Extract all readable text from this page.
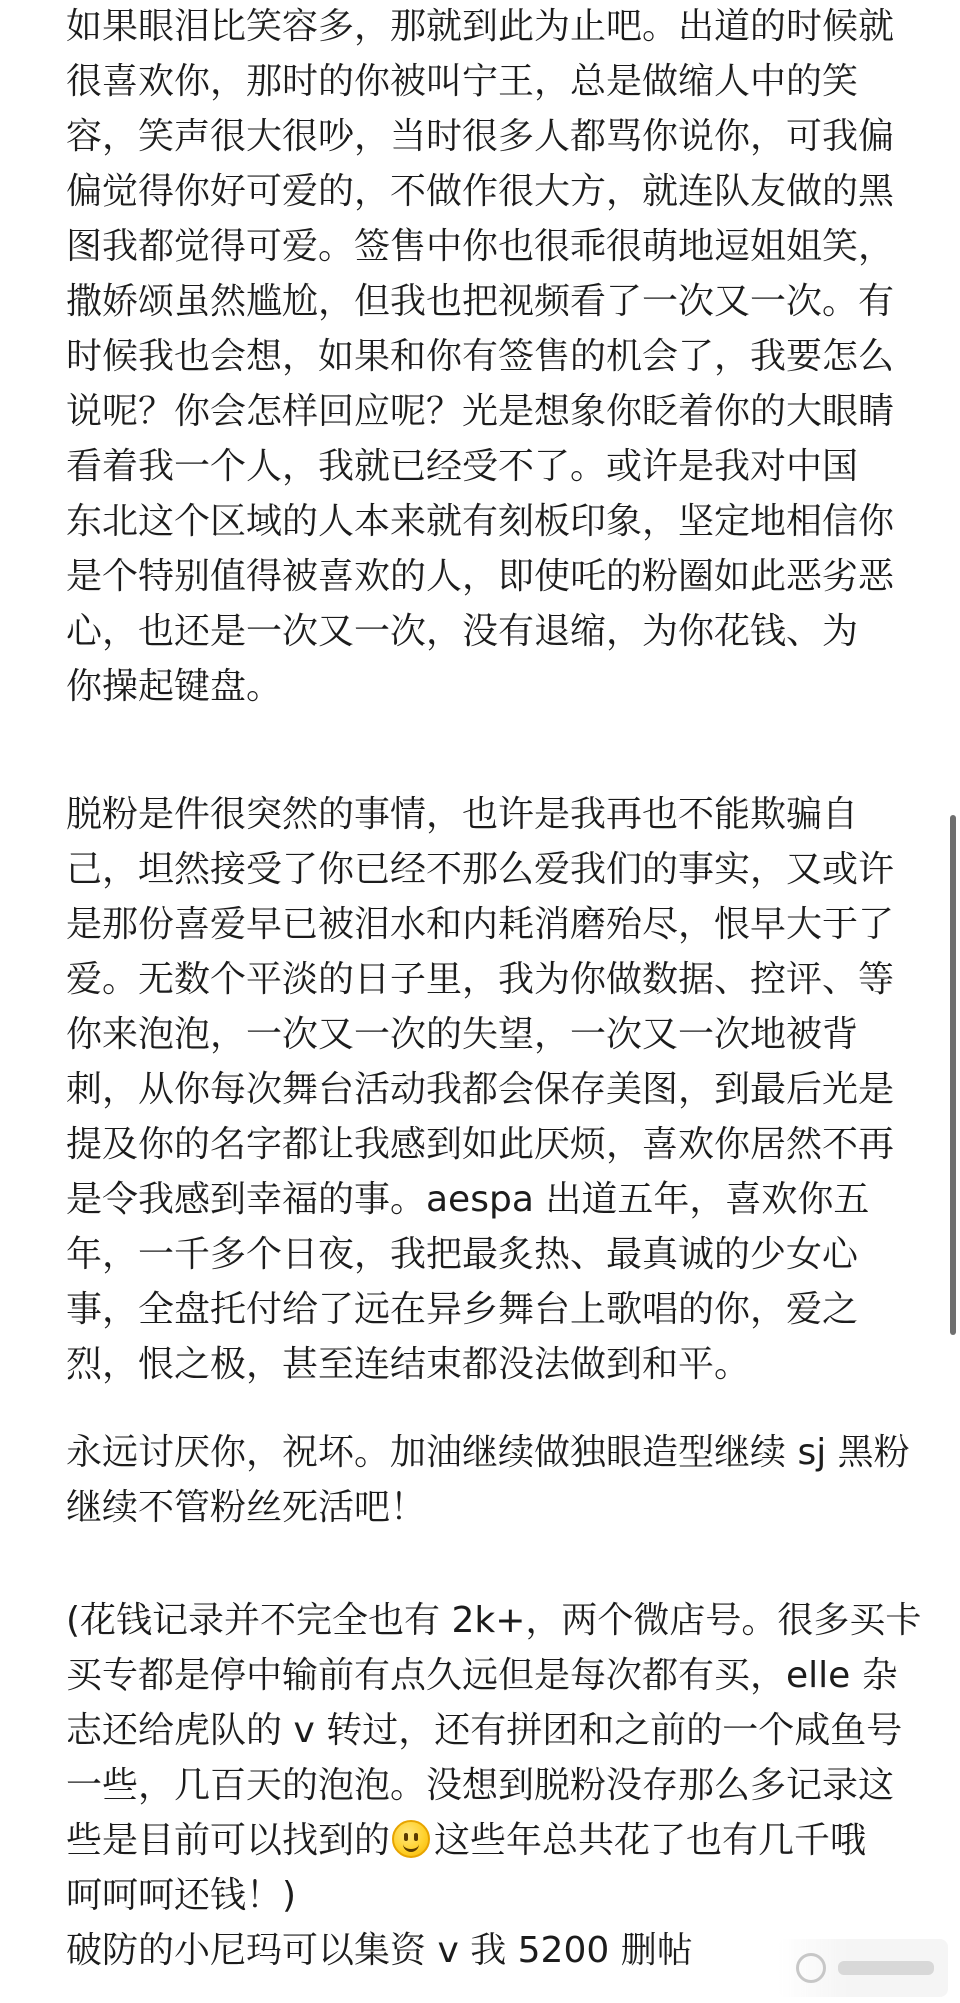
如果眼泪比笑容多，那就到此为止吧。出道的时候就
很喜欢你，那时的你被叫宁王，总是做缩人中的笑
容，笑声很大很吵，当时很多人都骂你说你，可我偏
偏觉得你好可爱的，不做作很大方，就连队友做的黑
图我都觉得可爱。签售中你也很乖很萌地逗姐姐笑，
撒娇颂虽然尴尬，但我也把视频看了一次又一次。有
时候我也会想，如果和你有签售的机会了，我要怎么
说呢？你会怎样回应呢？光是想象你眨着你的大眼睛
看着我一个人，我就已经受不了。或许是我对中国
东北这个区域的人本来就有刻板印象，坚定地相信你
是个特别值得被喜欢的人，即使吒的粉圈如此恶劣恶
心，也还是一次又一次，没有退缩，为你花钱、为
你操起键盘。
脱粉是件很突然的事情，也许是我再也不能欺骗自
己，坦然接受了你已经不那么爱我们的事实，又或许
是那份喜爱早已被泪水和内耗消磨殆尽，恨早大于了
爱。无数个平淡的日子里，我为你做数据、控评、等
你来泡泡，一次又一次的失望，一次又一次地被背
刺，从你每次舞台活动我都会保存美图，到最后光是
提及你的名字都让我感到如此厌烦，喜欢你居然不再
是令我感到幸福的事。aespa 出道五年，喜欢你五
年，一千多个日夜，我把最炙热、最真诚的少女心
事，全盘托付给了远在异乡舞台上歌唱的你，爱之
烈，恨之极，甚至连结束都没法做到和平。
永远讨厌你，祝坏。加油继续做独眼造型继续 sj 黑粉
继续不管粉丝死活吧！
(花钱记录并不完全也有 2k+，两个微店号。很多买卡
买专都是停中输前有点久远但是每次都有买，elle 杂
志还给虎队的 v 转过，还有拼团和之前的一个咸鱼号
一些，几百天的泡泡。没想到脱粉没存那么多记录这
些是目前可以找到的 这些年总共花了也有几千哦
呵呵呵还钱！)
破防的小尼玛可以集资 v 我 5200 删帖
